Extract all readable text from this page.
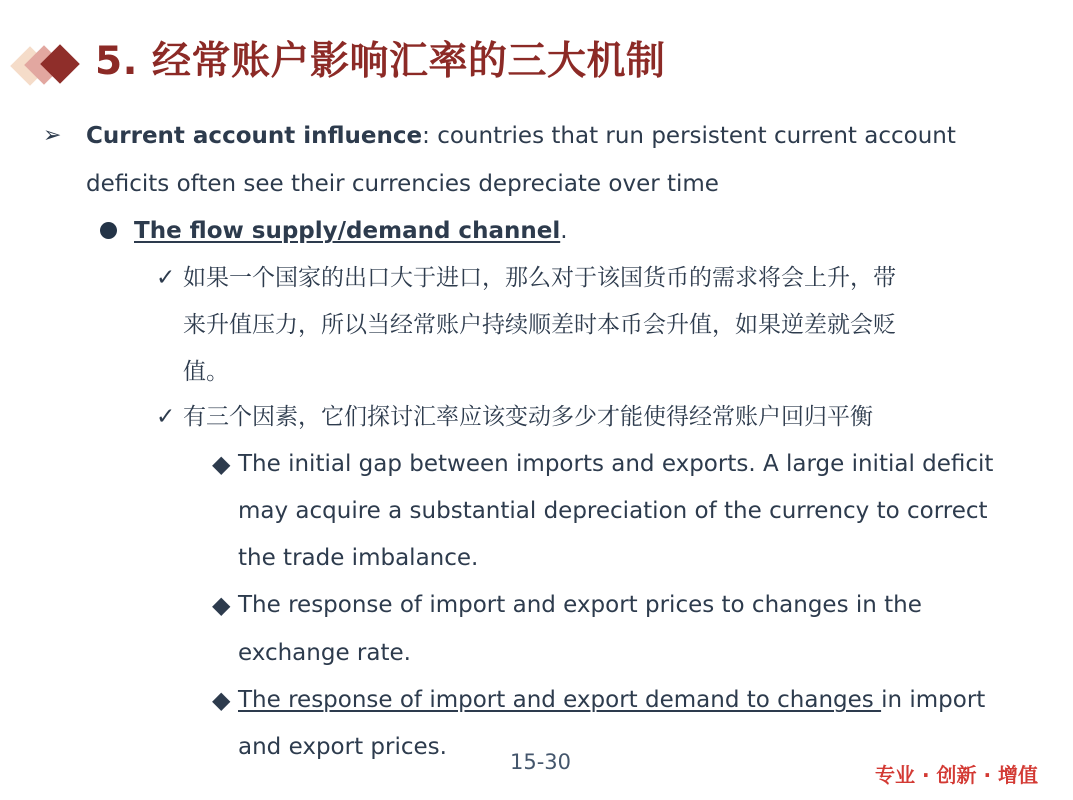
5. 经常账户影响汇率的三大机制
➢ Current account influence: countries that run persistent current account
deficits often see their currencies depreciate over time
The flow supply/demand channel.
✓ 如果一个国家的出口大于进口，那么对于该国货币的需求将会上升，带
来升值压力，所以当经常账户持续顺差时本币会升值，如果逆差就会贬
值。
✓ 有三个因素，它们探讨汇率应该变动多少才能使得经常账户回归平衡
◆ The initial gap between imports and exports. A large initial deficit
may acquire a substantial depreciation of the currency to correct
the trade imbalance.
◆ The response of import and export prices to changes in the
exchange rate.
◆ The response of import and export demand to changes in import
and export prices.
15-30
专业 · 创新 · 增值
